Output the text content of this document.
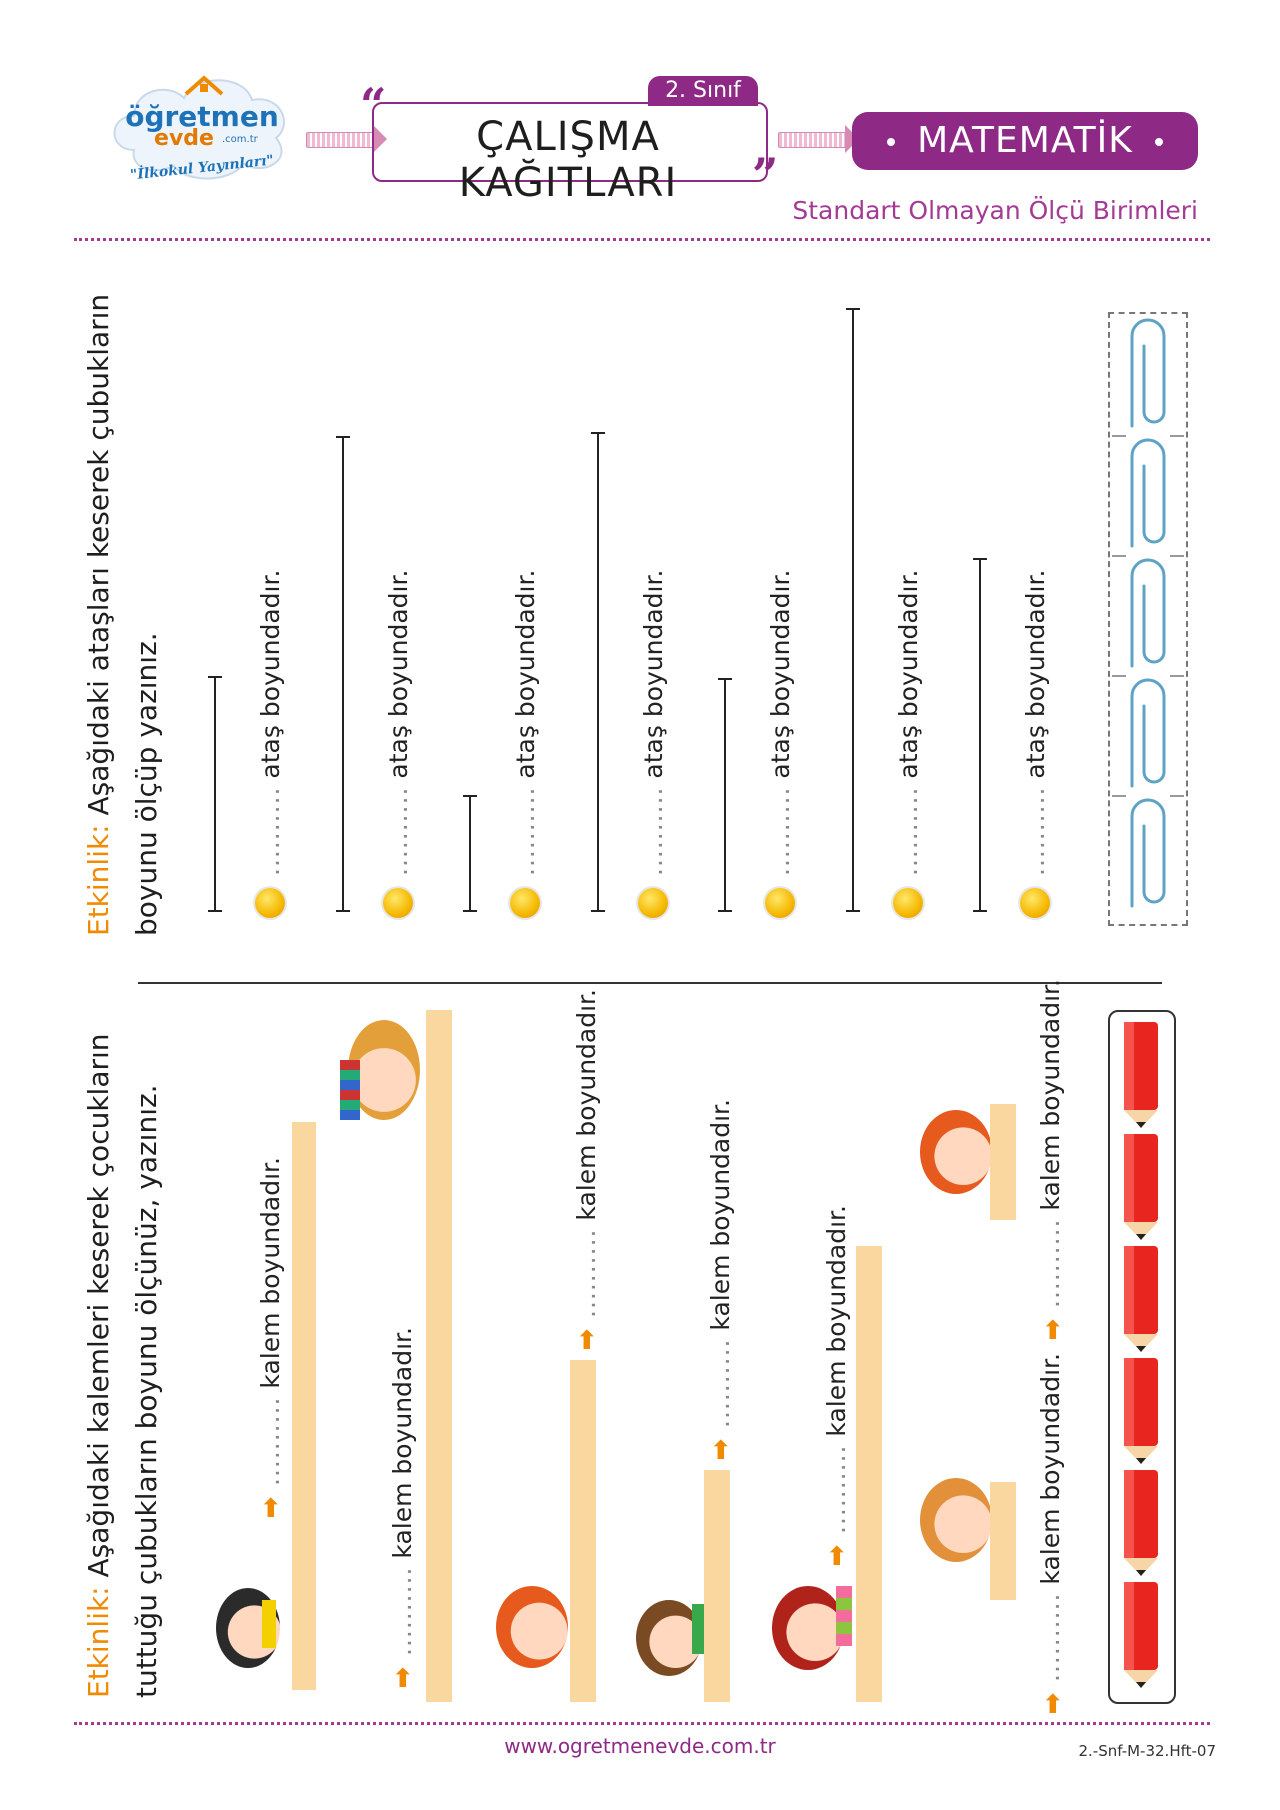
öğretmen
evde .com.tr
"İlkokul Yayınları"
“	2. Sınıf
ÇALIŞMA KAĞITLARI	”
MATEMATİK
Standart Olmayan Ölçü Birimleri
Etkinlik: Aşağıdaki ataşları keserek çubukların boyunu ölçüp yazınız.	.......... ataş boyundadır.
.......... ataş boyundadır.
.......... ataş boyundadır.
.......... ataş boyundadır.
.......... ataş boyundadır.
.......... ataş boyundadır.
.......... ataş boyundadır.
Etkinlik: Aşağıdaki kalemleri keserek çocukların tuttuğu çubukların boyunu ölçünüz, yazınız.	⬆
.......... kalem boyundadır.
⬆
.......... kalem boyundadır.	⬆
.......... kalem boyundadır.
⬆
.......... kalem boyundadır.
⬆
.......... kalem boyundadır.
⬆
.......... kalem boyundadır.
⬆
.......... kalem boyundadır.
www.ogretmenevde.com.tr	2.-Snf-M-32.Hft-07
